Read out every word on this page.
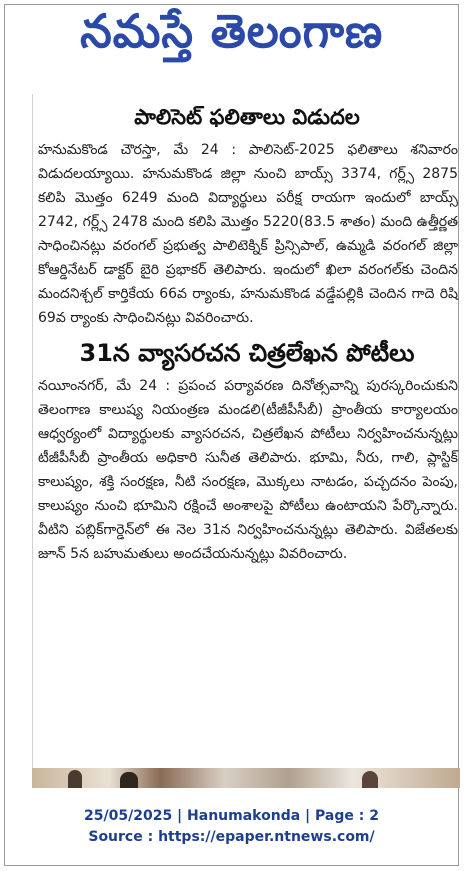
నమస్తే తెలంగాణ
పాలిసెట్ ఫలితాలు విడుదల

హనుమకొండ చౌరస్తా, మే 24 : పాలిసెట్-2025 ఫలితాలు శనివారం విడుదలయ్యాయి. హనుమకొండ జిల్లా నుంచి బాయ్స్ 3374, గర్ల్స్ 2875 కలిపి మొత్తం 6249 మంది విద్యార్థులు పరీక్ష రాయగా ఇందులో బాయ్స్ 2742, గర్ల్స్ 2478 మంది కలిపి మొత్తం 5220(83.5 శాతం) మంది ఉత్తీర్ణత సాధించినట్లు వరంగల్ ప్రభుత్వ పాలిటెక్నిక్ ప్రిన్సిపాల్, ఉమ్మడి వరంగల్ జిల్లా కోఆర్డినేటర్ డాక్టర్ బైరి ప్రభాకర్ తెలిపారు. ఇందులో ఖిలా వరంగల్‌కు చెందిన మందనిశ్చల్ కార్తికేయ 66వ ర్యాంకు, హనుమకొండ వడ్డేపల్లికి చెందిన గాదె రిషి 69వ ర్యాంకు సాధించినట్లు వివరించారు.

31న వ్యాసరచన చిత్రలేఖన పోటీలు

నయీంనగర్, మే 24 : ప్రపంచ పర్యావరణ దినోత్సవాన్ని పురస్కరించుకుని తెలంగాణ కాలుష్య నియంత్రణ మండలి(టీజీపీసీబీ) ప్రాంతీయ కార్యాలయం ఆధ్వర్యంలో విద్యార్థులకు వ్యాసరచన, చిత్రలేఖన పోటీలు నిర్వహించనున్నట్లు టీజీపీసీబీ ప్రాంతీయ అధికారి సునీత తెలిపారు. భూమి, నీరు, గాలి, ప్లాస్టిక్ కాలుష్యం, శక్తి సంరక్షణ, నీటి సంరక్షణ, మొక్కలు నాటడం, పచ్చదనం పెంపు, కాలుష్యం నుంచి భూమిని రక్షించే అంశాలపై పోటీలు ఉంటాయని పేర్కొన్నారు. వీటిని పబ్లిక్‌గార్డెన్‌లో ఈ నెల 31న నిర్వహించనున్నట్లు తెలిపారు. విజేతలకు జూన్ 5న బహుమతులు అందచేయనున్నట్లు వివరించారు.

25/05/2025 | Hanumakonda | Page : 2
Source : https://epaper.ntnews.com/
